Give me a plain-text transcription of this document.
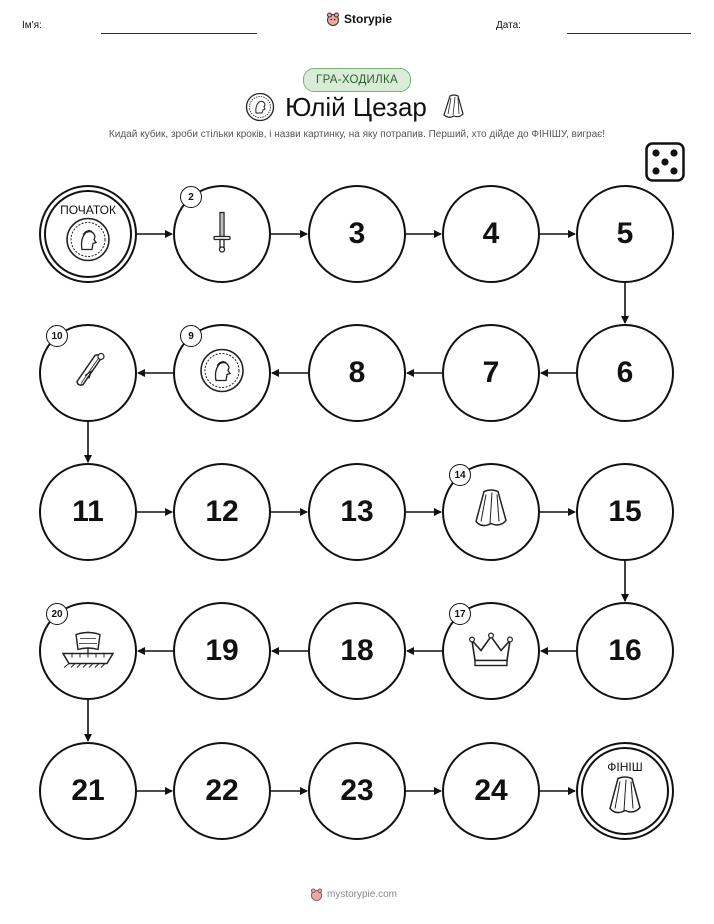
Ім'я:	Storypie	Дата:
ГРА-ХОДИЛКА
Юлій Цезар
Кидай кубик, зроби стільки кроків, і назви картинку, на яку потрапив. Перший, хто дійде до ФІНІШУ, виграє!
ПОЧАТОК
2
3	4	5
6
7
8
9
10
11	12	13
14
15
16
17
18
19
20
21	22	23	24
ФІНІШ
mystorypie.com
